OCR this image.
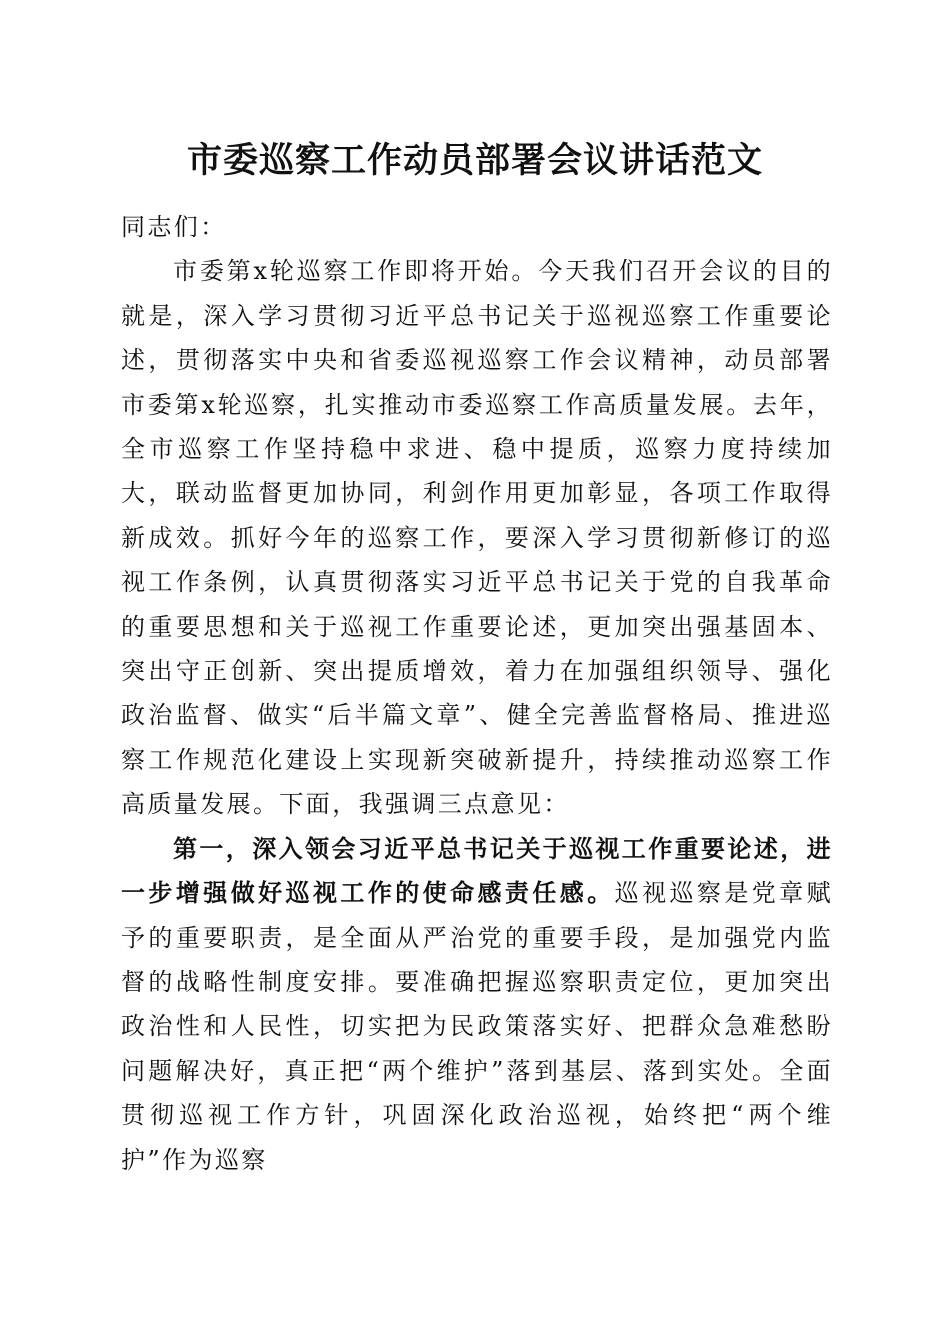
市委巡察工作动员部署会议讲话范文

同志们：

市委第x轮巡察工作即将开始。今天我们召开会议的目的就是，深入学习贯彻习近平总书记关于巡视巡察工作重要论述，贯彻落实中央和省委巡视巡察工作会议精神，动员部署市委第x轮巡察，扎实推动市委巡察工作高质量发展。去年，全市巡察工作坚持稳中求进、稳中提质，巡察力度持续加大，联动监督更加协同，利剑作用更加彰显，各项工作取得新成效。抓好今年的巡察工作，要深入学习贯彻新修订的巡视工作条例，认真贯彻落实习近平总书记关于党的自我革命的重要思想和关于巡视工作重要论述，更加突出强基固本、突出守正创新、突出提质增效，着力在加强组织领导、强化政治监督、做实“后半篇文章”、健全完善监督格局、推进巡察工作规范化建设上实现新突破新提升，持续推动巡察工作高质量发展。下面，我强调三点意见：

第一，深入领会习近平总书记关于巡视工作重要论述，进一步增强做好巡视工作的使命感责任感。巡视巡察是党章赋予的重要职责，是全面从严治党的重要手段，是加强党内监督的战略性制度安排。要准确把握巡察职责定位，更加突出政治性和人民性，切实把为民政策落实好、把群众急难愁盼问题解决好，真正把“两个维护”落到基层、落到实处。全面贯彻巡视工作方针，巩固深化政治巡视，始终把“两个维护”作为巡察
